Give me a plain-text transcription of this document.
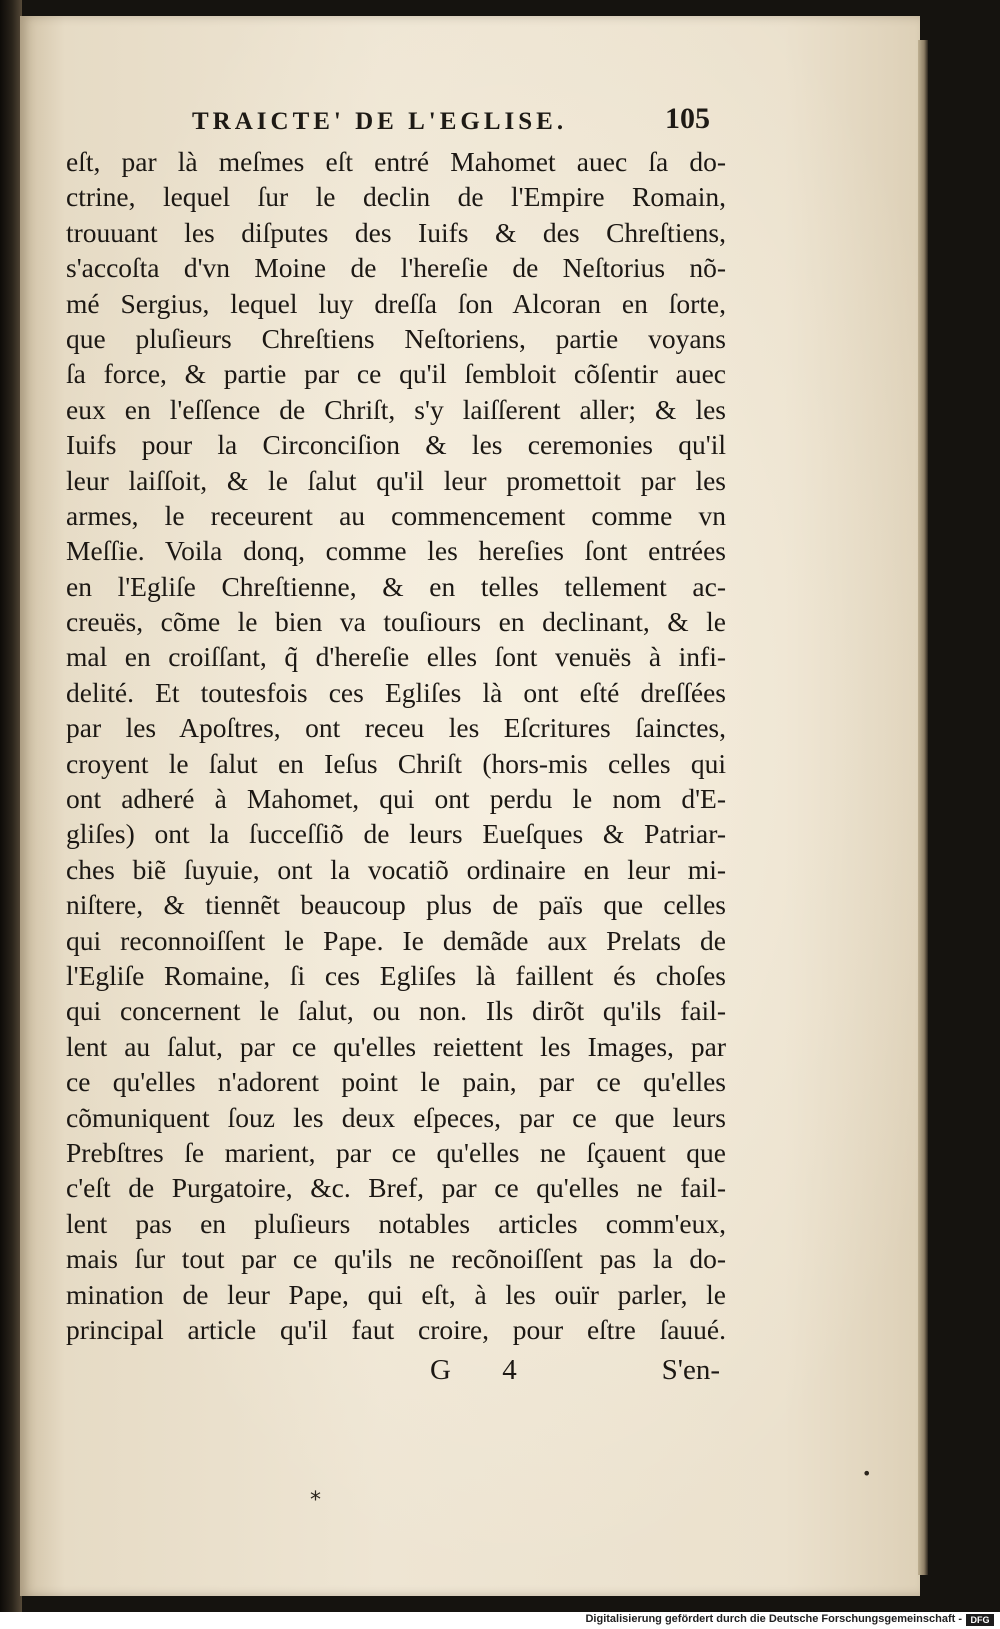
TRAICTE' DE L'EGLISE.	105
eſt, par là meſmes eſt entré Mahomet auec ſa do-
ctrine, lequel ſur le declin de l'Empire Romain,
trouuant les diſputes des Iuifs & des Chreſtiens,
s'accoſta d'vn Moine de l'hereſie de Neſtorius nõ-
mé Sergius, lequel luy dreſſa ſon Alcoran en ſorte,
que pluſieurs Chreſtiens Neſtoriens, partie voyans
ſa force, & partie par ce qu'il ſembloit cõſentir auec
eux en l'eſſence de Chriſt, s'y laiſſerent aller; & les
Iuifs pour la Circonciſion & les ceremonies qu'il
leur laiſſoit, & le ſalut qu'il leur promettoit par les
armes, le receurent au commencement comme vn
Meſſie. Voila donq, comme les hereſies ſont entrées
en l'Egliſe Chreſtienne, & en telles tellement ac-
creuës, cõme le bien va touſiours en declinant, & le
mal en croiſſant, q̃ d'hereſie elles ſont venuës à infi-
delité. Et toutesfois ces Egliſes là ont eſté dreſſées
par les Apoſtres, ont receu les Eſcritures ſainctes,
croyent le ſalut en Ieſus Chriſt (hors-mis celles qui
ont adheré à Mahomet, qui ont perdu le nom d'E-
gliſes) ont la ſucceſſiõ de leurs Eueſques & Patriar-
ches biẽ ſuyuie, ont la vocatiõ ordinaire en leur mi-
niſtere, & tiennẽt beaucoup plus de païs que celles
qui reconnoiſſent le Pape. Ie demãde aux Prelats de
l'Egliſe Romaine, ſi ces Egliſes là faillent és choſes
qui concernent le ſalut, ou non. Ils dirõt qu'ils fail-
lent au ſalut, par ce qu'elles reiettent les Images, par
ce qu'elles n'adorent point le pain, par ce qu'elles
cõmuniquent ſouz les deux eſpeces, par ce que leurs
Prebſtres ſe marient, par ce qu'elles ne ſçauent que
c'eſt de Purgatoire, &c. Bref, par ce qu'elles ne fail-
lent pas en pluſieurs notables articles comm'eux,
mais ſur tout par ce qu'ils ne recõnoiſſent pas la do-
mination de leur Pape, qui eſt, à les ouïr parler, le
principal article qu'il faut croire, pour eſtre ſauué.
G 4	S'en-
*
•
Digitalisierung gefördert durch die Deutsche Forschungsgemeinschaft - DFG
